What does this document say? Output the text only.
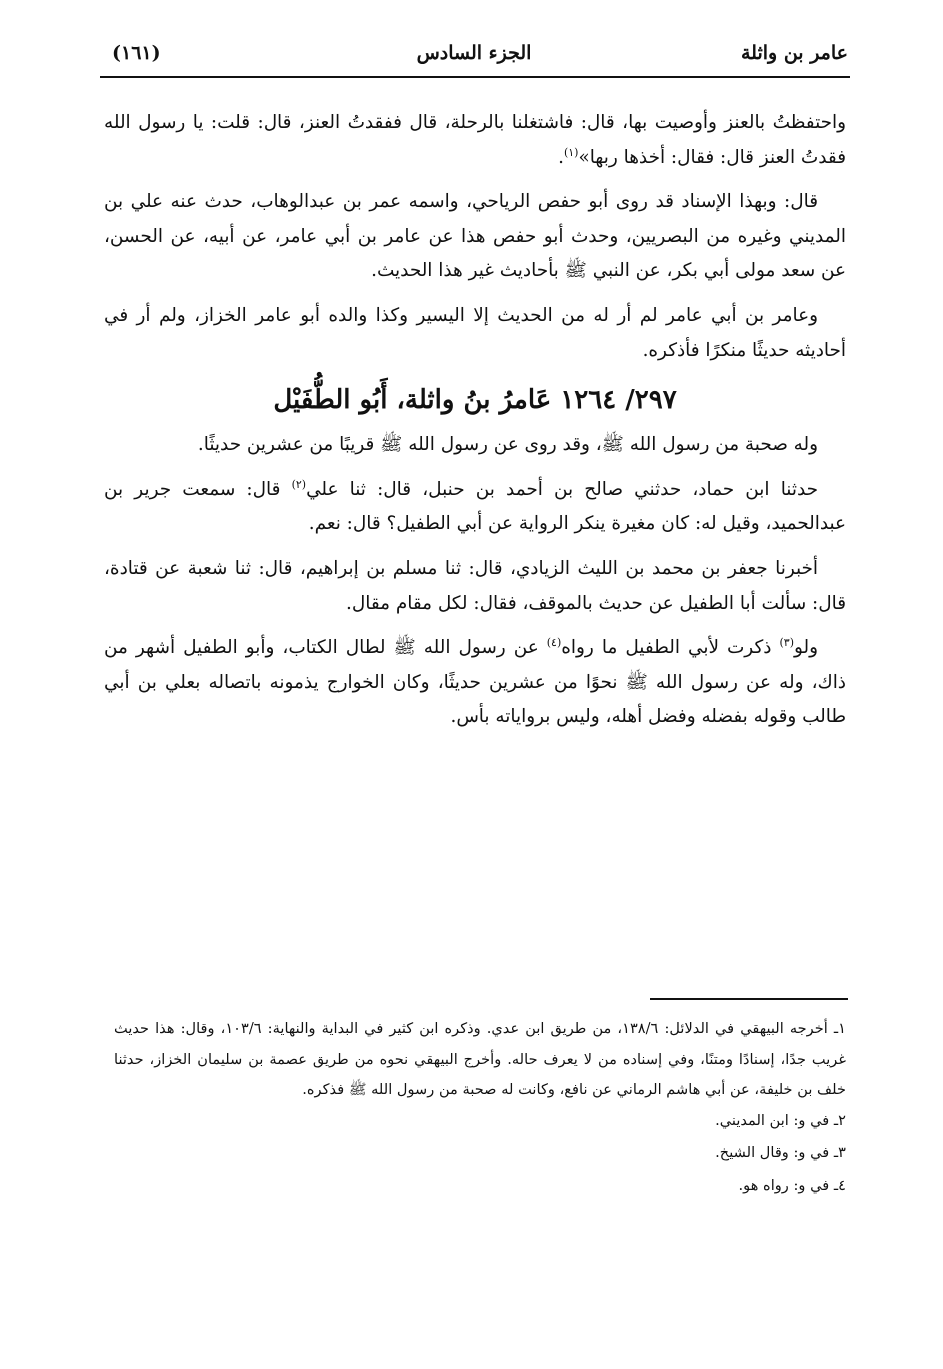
عامر بن واثلة
الجزء السادس
(١٦١)

واحتفظتُ بالعنز وأوصيت بها، قال: فاشتغلنا بالرحلة، قال ففقدتُ العنز، قال: قلت: يا رسول الله فقدتُ العنز قال: فقال: أخذها ربها»$^{(١)}$.

قال: وبهذا الإسناد قد روى أبو حفص الرياحي، واسمه عمر بن عبدالوهاب، حدث عنه علي بن المديني وغيره من البصريين، وحدث أبو حفص هذا عن عامر بن أبي عامر، عن أبيه، عن الحسن، عن سعد مولى أبي بكر، عن النبي ﷺ بأحاديث غير هذا الحديث.

وعامر بن أبي عامر لم أر له من الحديث إلا اليسير وكذا والده أبو عامر الخزاز، ولم أر في أحاديثه حديثًا منكرًا فأذكره.

٢٩٧/ ١٢٦٤ عَامرُ بنُ واثلة، أَبُو الطُّفَيْل

وله صحبة من رسول الله ﷺ، وقد روى عن رسول الله ﷺ قريبًا من عشرين حديثًا.

حدثنا ابن حماد، حدثني صالح بن أحمد بن حنبل، قال: ثنا علي$^{(٢)}$ قال: سمعت جرير بن عبدالحميد، وقيل له: كان مغيرة ينكر الرواية عن أبي الطفيل؟ قال: نعم.

أخبرنا جعفر بن محمد بن الليث الزيادي، قال: ثنا مسلم بن إبراهيم، قال: ثنا شعبة عن قتادة، قال: سألت أبا الطفيل عن حديث بالموقف، فقال: لكل مقام مقال.

ولو$^{(٣)}$ ذكرت لأبي الطفيل ما رواه$^{(٤)}$ عن رسول الله ﷺ لطال الكتاب، وأبو الطفيل أشهر من ذاك، وله عن رسول الله ﷺ نحوًا من عشرين حديثًا، وكان الخوارج يذمونه باتصاله بعلي بن أبي طالب وقوله بفضله وفضل أهله، وليس برواياته بأس.

١ـ أخرجه البيهقي في الدلائل: ١٣٨/٦، من طريق ابن عدي. وذكره ابن كثير في البداية والنهاية: ١٠٣/٦، وقال: هذا حديث غريب جدًا، إسنادًا ومتنًا، وفي إسناده من لا يعرف حاله. وأخرج البيهقي نحوه من طريق عصمة بن سليمان الخزاز، حدثنا خلف بن خليفة، عن أبي هاشم الرماني عن نافع، وكانت له صحبة من رسول الله ﷺ فذكره.

٢ـ في و: ابن المديني.

٣ـ في و: وقال الشيخ.

٤ـ في و: رواه هو.
